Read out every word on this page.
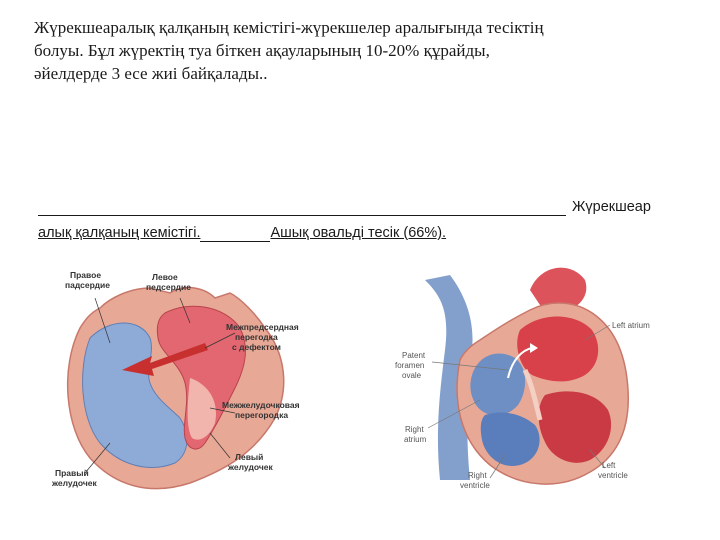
Жүрекшеаралық қалқаның кемістігі-жүрекшелер аралығында тесіктің
болуы. Бұл жүректің туа біткен ақауларының 10-20% құрайды,
әйелдерде 3 есе жиі байқалады..

Жүрекшеар
алық қалқаның кемістігі.	Ашық овальді тесік (66%).
Правое
падсердие
Левое
педсердие
Межпредсердная
перегодка
с дефектом
Межжелудочковая
перегородка
Левый
желудочек
Правый
желудочек
Left atrium
Patent
foramen
ovale
Right
atrium
Right
ventricle
Left
ventricle
